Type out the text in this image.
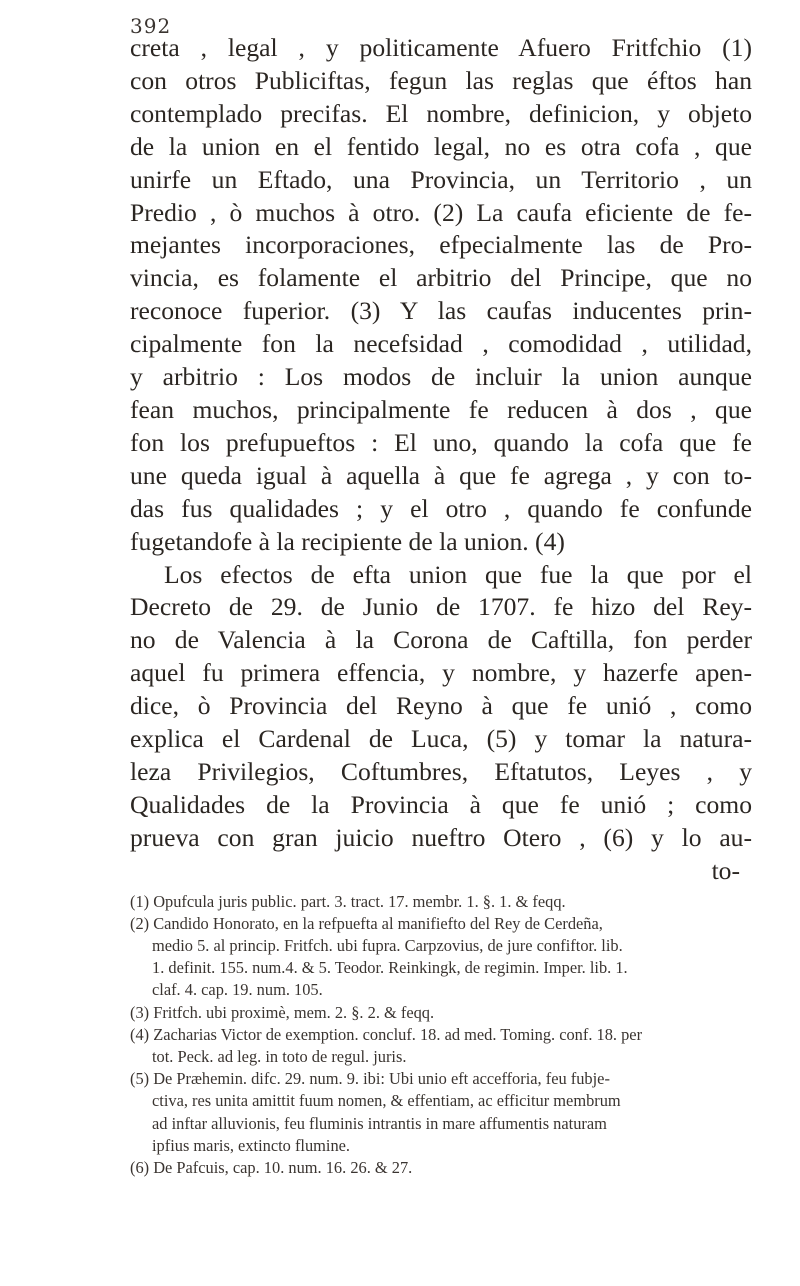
392
creta , legal , y politicamente Afuero Fritfchio (1)
con otros Publiciftas, fegun las reglas que éftos han
contemplado precifas. El nombre, definicion, y objeto
de la union en el fentido legal, no es otra cofa , que
unirfe un Eftado, una Provincia, un Territorio , un
Predio , ò muchos à otro. (2) La caufa eficiente de fe-
mejantes incorporaciones, efpecialmente las de Pro-
vincia, es folamente el arbitrio del Principe, que no
reconoce fuperior. (3) Y las caufas inducentes prin-
cipalmente fon la necefsidad , comodidad , utilidad,
y arbitrio : Los modos de incluir la union aunque
fean muchos, principalmente fe reducen à dos , que
fon los prefupueftos : El uno, quando la cofa que fe
une queda igual à aquella à que fe agrega , y con to-
das fus qualidades ; y el otro , quando fe confunde
fugetandofe à la recipiente de la union. (4)
Los efectos de efta union que fue la que por el
Decreto de 29. de Junio de 1707. fe hizo del Rey-
no de Valencia à la Corona de Caftilla, fon perder
aquel fu primera effencia, y nombre, y hazerfe apen-
dice, ò Provincia del Reyno à que fe unió , como
explica el Cardenal de Luca, (5) y tomar la natura-
leza Privilegios, Coftumbres, Eftatutos, Leyes , y
Qualidades de la Provincia à que fe unió ; como
prueva con gran juicio nueftro Otero , (6) y lo au-
to-
(1) Opufcula juris public. part. 3. tract. 17. membr. 1. §. 1. & feqq.
(2) Candido Honorato, en la refpuefta al manifiefto del Rey de Cerdeña,
medio 5. al princip. Fritfch. ubi fupra. Carpzovius, de jure confiftor. lib.
1. definit. 155. num.4. & 5. Teodor. Reinkingk, de regimin. Imper. lib. 1.
claf. 4. cap. 19. num. 105.
(3) Fritfch. ubi proximè, mem. 2. §. 2. & feqq.
(4) Zacharias Victor de exemption. concluf. 18. ad med. Toming. conf. 18. per
tot. Peck. ad leg. in toto de regul. juris.
(5) De Præhemin. difc. 29. num. 9. ibi: Ubi unio eft accefforia, feu fubje-
ctiva, res unita amittit fuum nomen, & effentiam, ac efficitur membrum
ad inftar alluvionis, feu fluminis intrantis in mare affumentis naturam
ipfius maris, extincto flumine.
(6) De Pafcuis, cap. 10. num. 16. 26. & 27.
